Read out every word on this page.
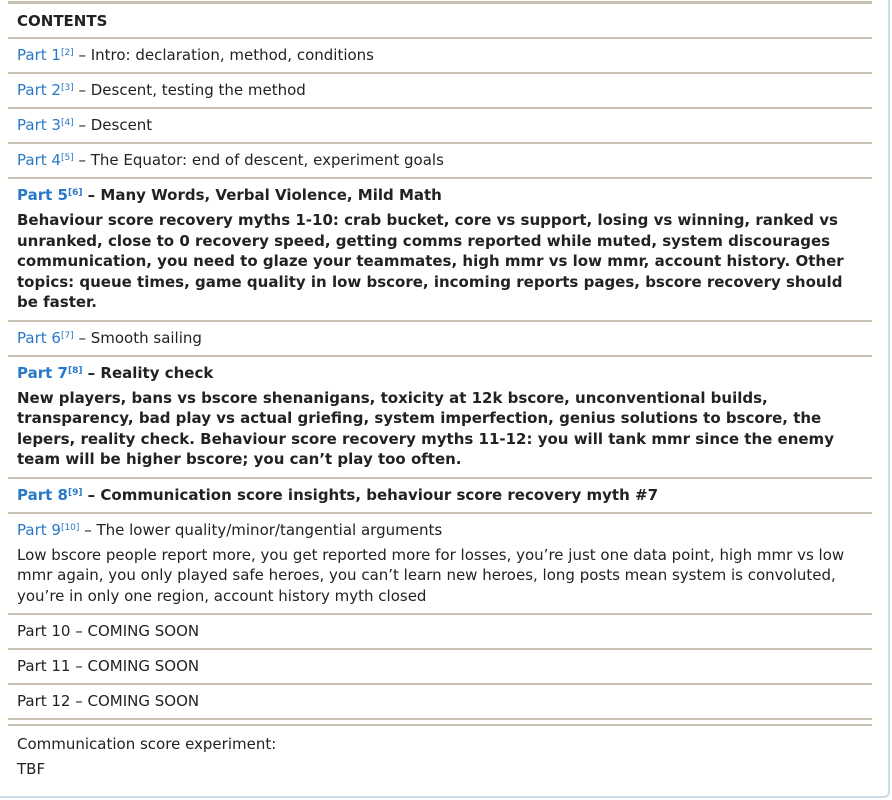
CONTENTS
Part 1[2] – Intro: declaration, method, conditions
Part 2[3] – Descent, testing the method
Part 3[4] – Descent
Part 4[5] – The Equator: end of descent, experiment goals
Part 5[6] – Many Words, Verbal Violence, Mild Math
Behaviour score recovery myths 1-10: crab bucket, core vs support, losing vs winning, ranked vs unranked, close to 0 recovery speed, getting comms reported while muted, system discourages communication, you need to glaze your teammates, high mmr vs low mmr, account history. Other topics: queue times, game quality in low bscore, incoming reports pages, bscore recovery should be faster.
Part 6[7] – Smooth sailing
Part 7[8] – Reality check
New players, bans vs bscore shenanigans, toxicity at 12k bscore, unconventional builds, transparency, bad play vs actual griefing, system imperfection, genius solutions to bscore, the lepers, reality check. Behaviour score recovery myths 11-12: you will tank mmr since the enemy team will be higher bscore; you can’t play too often.
Part 8[9] – Communication score insights, behaviour score recovery myth #7
Part 9[10] – The lower quality/minor/tangential arguments
Low bscore people report more, you get reported more for losses, you’re just one data point, high mmr vs low mmr again, you only played safe heroes, you can’t learn new heroes, long posts mean system is convoluted, you’re in only one region, account history myth closed
Part 10 – COMING SOON
Part 11 – COMING SOON
Part 12 – COMING SOON
Communication score experiment:
TBF
